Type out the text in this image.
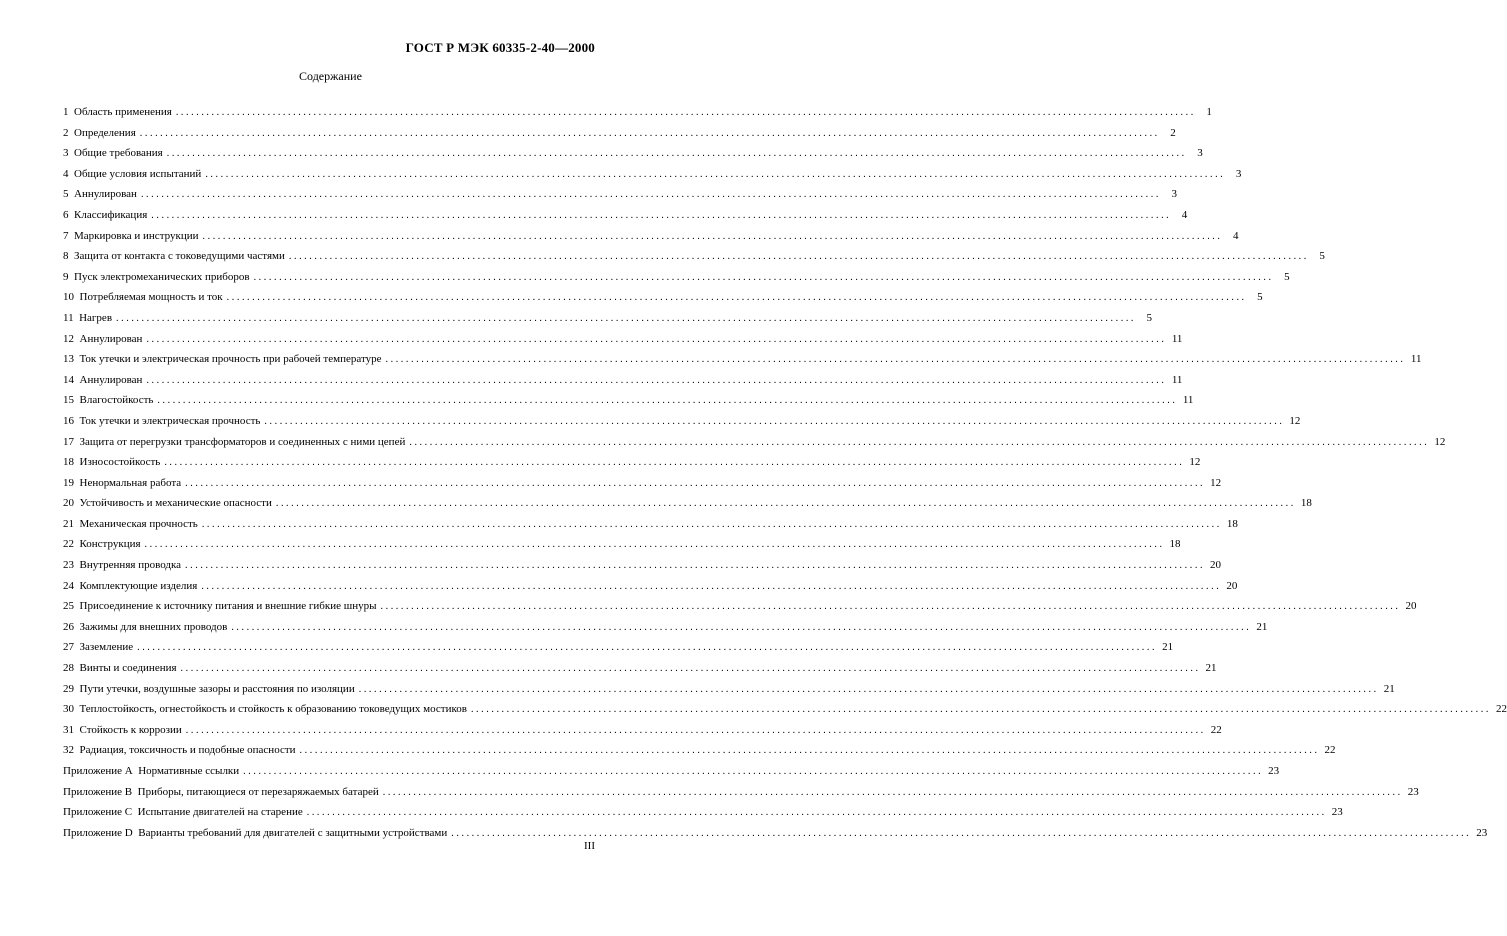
ГОСТ Р МЭК 60335-2-40—2000
Содержание
1
Область применения ........................................................................................................................................................................................................ 1
2
Определения ........................................................................................................................................................................................................ 2
3
Общие требования ........................................................................................................................................................................................................ 3
4
Общие условия испытаний ........................................................................................................................................................................................................ 3
5
Аннулирован ........................................................................................................................................................................................................ 3
6
Классификация ........................................................................................................................................................................................................ 4
7
Маркировка и инструкции ........................................................................................................................................................................................................ 4
8
Защита от контакта с токоведущими частями ........................................................................................................................................................................................................ 5
9
Пуск электромеханических приборов ........................................................................................................................................................................................................ 5
10
Потребляемая мощность и ток ........................................................................................................................................................................................................ 5
11
Нагрев ........................................................................................................................................................................................................ 5
12
Аннулирован ........................................................................................................................................................................................................ 11
13
Ток утечки и электрическая прочность при рабочей температуре ........................................................................................................................................................................................................ 11
14
Аннулирован ........................................................................................................................................................................................................ 11
15
Влагостойкость ........................................................................................................................................................................................................ 11
16
Ток утечки и электрическая прочность ........................................................................................................................................................................................................ 12
17
Защита от перегрузки трансформаторов и соединенных с ними цепей ........................................................................................................................................................................................................ 12
18
Износостойкость ........................................................................................................................................................................................................ 12
19
Ненормальная работа ........................................................................................................................................................................................................ 12
20
Устойчивость и механические опасности ........................................................................................................................................................................................................ 18
21
Механическая прочность ........................................................................................................................................................................................................ 18
22
Конструкция ........................................................................................................................................................................................................ 18
23
Внутренняя проводка ........................................................................................................................................................................................................ 20
24
Комплектующие изделия ........................................................................................................................................................................................................ 20
25
Присоединение к источнику питания и внешние гибкие шнуры ........................................................................................................................................................................................................ 20
26
Зажимы для внешних проводов ........................................................................................................................................................................................................ 21
27
Заземление ........................................................................................................................................................................................................ 21
28
Винты и соединения ........................................................................................................................................................................................................ 21
29
Пути утечки, воздушные зазоры и расстояния по изоляции ........................................................................................................................................................................................................ 21
30
Теплостойкость, огнестойкость и стойкость к образованию токоведущих мостиков ........................................................................................................................................................................................................ 22
31
Стойкость к коррозии ........................................................................................................................................................................................................ 22
32
Радиация, токсичность и подобные опасности ........................................................................................................................................................................................................ 22
Приложение А
Нормативные ссылки ........................................................................................................................................................................................................ 23
Приложение В
Приборы, питающиеся от перезаряжаемых батарей ........................................................................................................................................................................................................ 23
Приложение С
Испытание двигателей на старение ........................................................................................................................................................................................................ 23
Приложение D
Варианты требований для двигателей с защитными устройствами ........................................................................................................................................................................................................ 23
III
